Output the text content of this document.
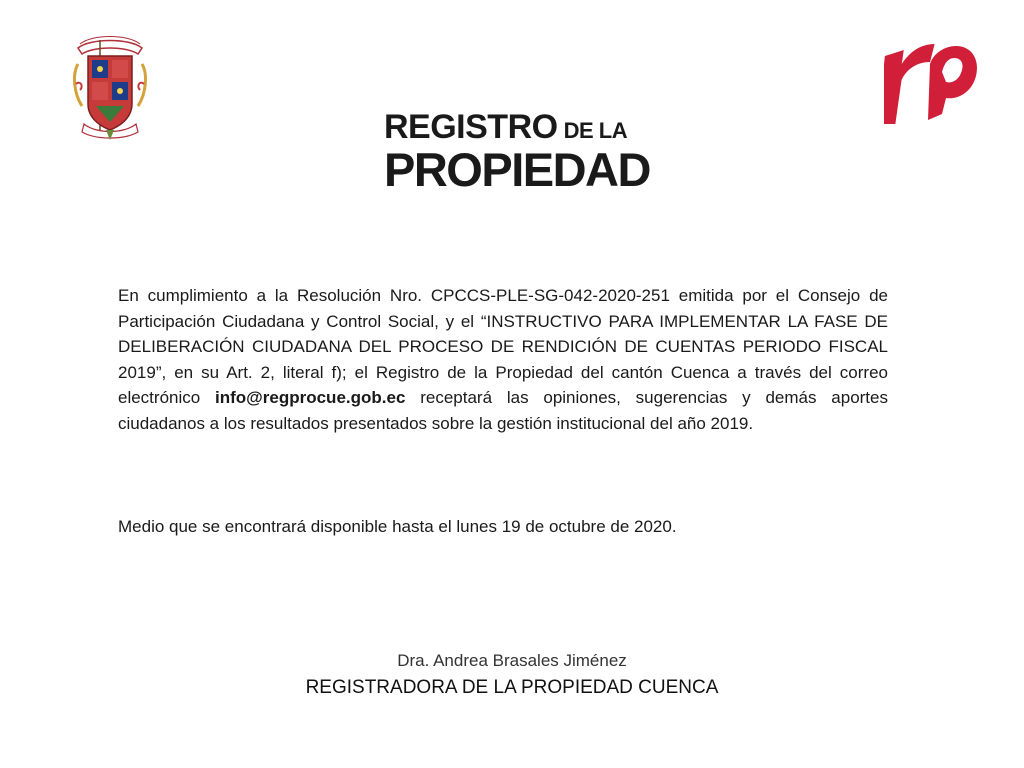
REGISTRO DE LA
PROPIEDAD

En cumplimiento a la Resolución Nro. CPCCS-PLE-SG-042-2020-251 emitida por el Consejo de Participación Ciudadana y Control Social, y el “INSTRUCTIVO PARA IMPLEMENTAR LA FASE DE DELIBERACIÓN CIUDADANA DEL PROCESO DE RENDICIÓN DE CUENTAS PERIODO FISCAL 2019”, en su Art. 2, literal f); el Registro de la Propiedad del cantón Cuenca a través del correo electrónico info@regprocue.gob.ec receptará las opiniones, sugerencias y demás aportes ciudadanos a los resultados presentados sobre la gestión institucional del año 2019.

Medio que se encontrará disponible hasta el lunes 19 de octubre de 2020.
Dra. Andrea Brasales Jiménez
REGISTRADORA DE LA PROPIEDAD CUENCA
